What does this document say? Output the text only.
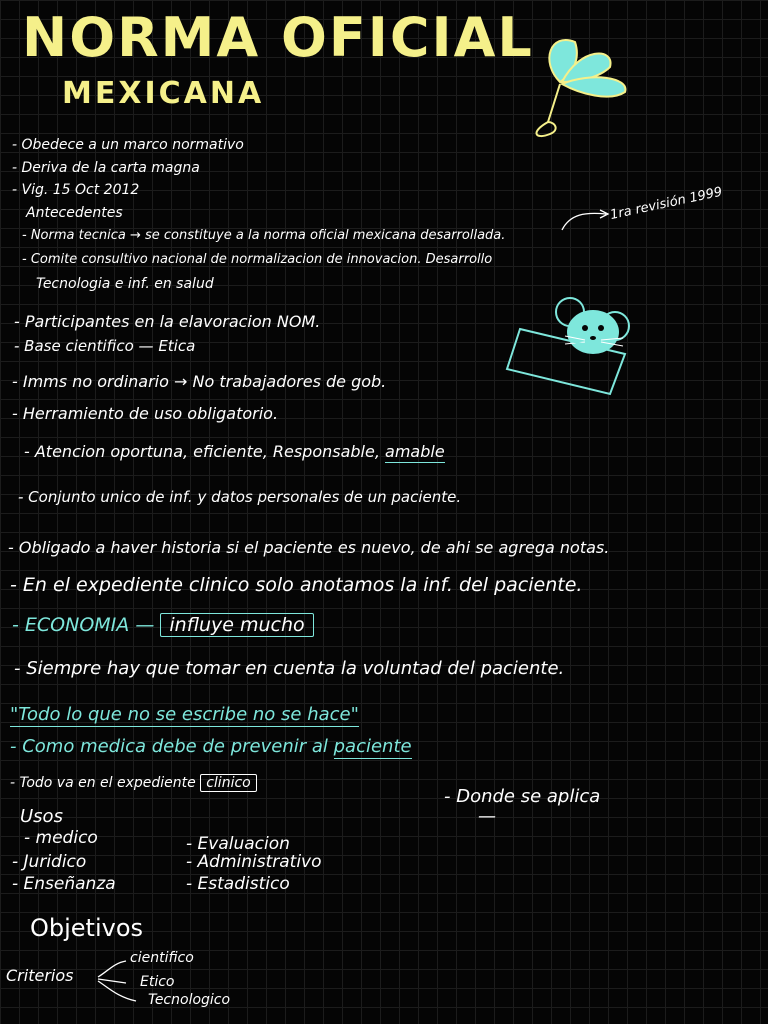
NORMA OFICIAL
MEXICANA
- Obedece a un marco normativo
- Deriva de la carta magna
- Vig. 15 Oct 2012
Antecedentes	1ra revisión 1999
- Norma tecnica → se constituye a la norma oficial mexicana desarrollada.
- Comite consultivo nacional de normalizacion de innovacion. Desarrollo
Tecnologia e inf. en salud
- Participantes en la elavoracion NOM.
- Base cientifico — Etica
- Imms no ordinario → No trabajadores de gob.
- Herramiento de uso obligatorio.
- Atencion oportuna, eficiente, Responsable, amable
- Conjunto unico de inf. y datos personales de un paciente.
- Obligado a haver historia si el paciente es nuevo, de ahi se agrega notas.
- En el expediente clinico solo anotamos la inf. del paciente.
- ECONOMIA — influye mucho
- Siempre hay que tomar en cuenta la voluntad del paciente.
"Todo lo que no se escribe no se hace"
- Como medica debe de prevenir al paciente
- Todo va en el expediente clinico
- Donde se aplica
—
Usos
- medico
- Juridico
- Enseñanza
- Evaluacion
- Administrativo
- Estadistico
Objetivos
Criterios
cientifico
Etico
Tecnologico
